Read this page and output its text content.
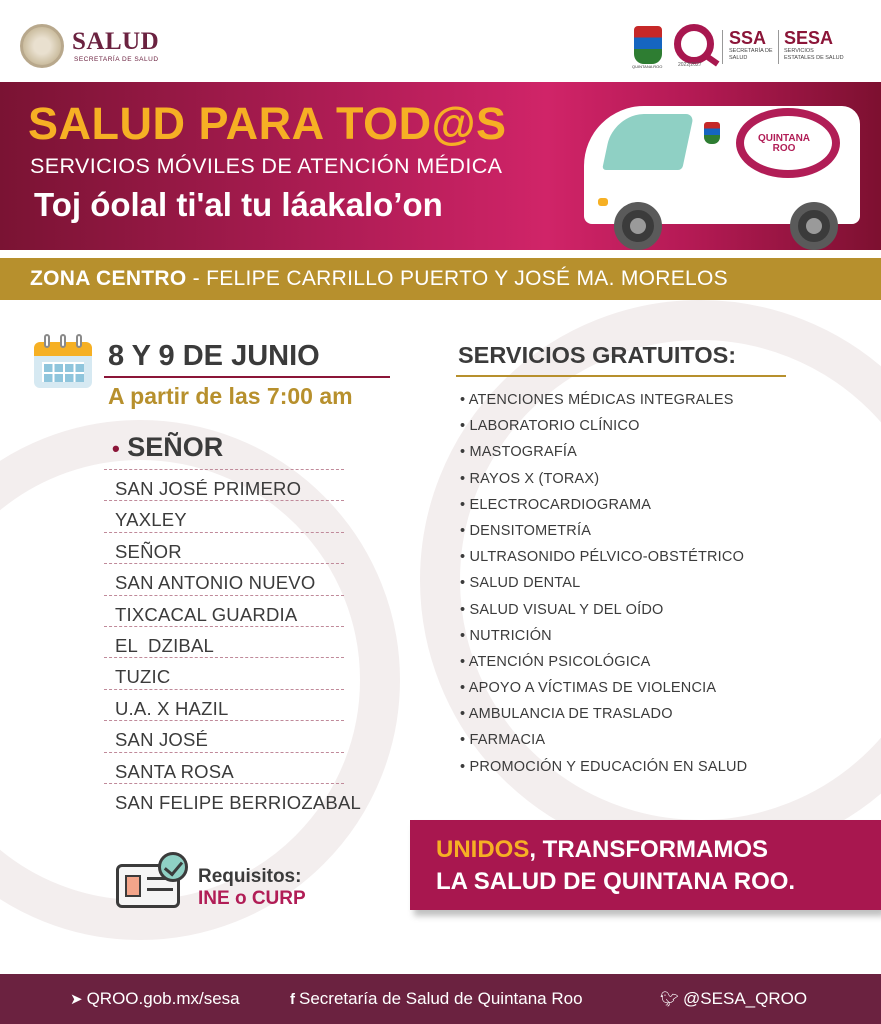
SALUD
SECRETARÍA DE SALUD
QUINTANA ROO	2022|2027
SSA
SECRETARÍA DE SALUD
SESA
SERVICIOS ESTATALES DE SALUD
SALUD PARA TOD@S
SERVICIOS MÓVILES DE ATENCIÓN MÉDICA
Toj óolal ti'al tu láakalo’on
QUINTANA ROO
ZONA CENTRO - FELIPE CARRILLO PUERTO Y JOSÉ MA. MORELOS
8 Y 9 DE JUNIO
A partir de las 7:00 am
• SEÑOR
SAN JOSÉ PRIMERO
YAXLEY
SEÑOR
SAN ANTONIO NUEVO
TIXCACAL GUARDIA
EL  DZIBAL
TUZIC
U.A. X HAZIL
SAN JOSÉ
SANTA ROSA
SAN FELIPE BERRIOZABAL
SERVICIOS GRATUITOS:
• ATENCIONES MÉDICAS INTEGRALES
• LABORATORIO CLÍNICO
• MASTOGRAFÍA
• RAYOS X (TORAX)
• ELECTROCARDIOGRAMA
• DENSITOMETRÍA
• ULTRASONIDO PÉLVICO-OBSTÉTRICO
• SALUD DENTAL
• SALUD VISUAL Y DEL OÍDO
• NUTRICIÓN
• ATENCIÓN PSICOLÓGICA
• APOYO A VÍCTIMAS DE VIOLENCIA
• AMBULANCIA DE TRASLADO
• FARMACIA
• PROMOCIÓN Y EDUCACIÓN EN SALUD
Requisitos:
INE o CURP
UNIDOS, TRANSFORMAMOS
LA SALUD DE QUINTANA ROO.
➤ QROO.gob.mx/sesa	f Secretaría de Salud de Quintana Roo	🐦︎ @SESA_QROO
